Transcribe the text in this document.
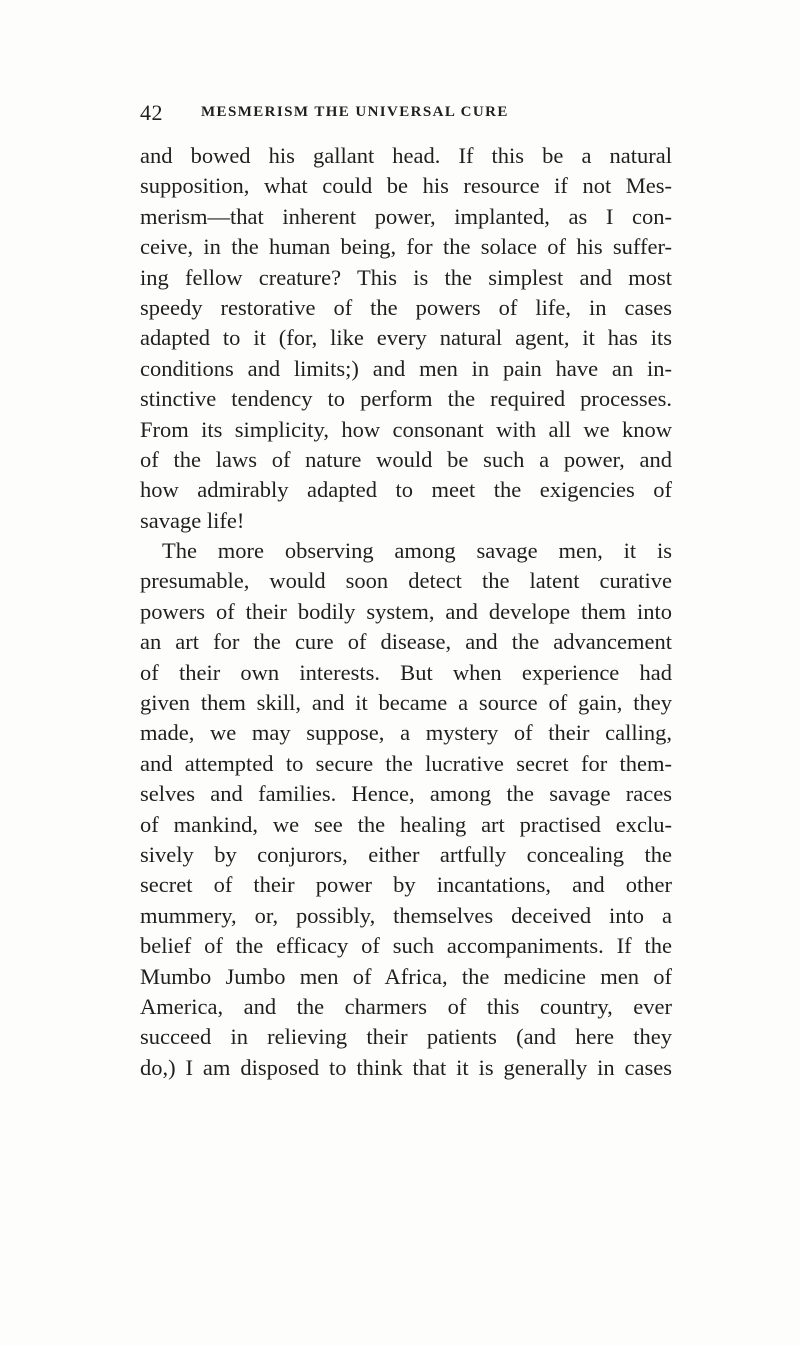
42	MESMERISM THE UNIVERSAL CURE
and bowed his gallant head. If this be a natural
supposition, what could be his resource if not Mes-
merism—that inherent power, implanted, as I con-
ceive, in the human being, for the solace of his suffer-
ing fellow creature? This is the simplest and most
speedy restorative of the powers of life, in cases
adapted to it (for, like every natural agent, it has its
conditions and limits;) and men in pain have an in-
stinctive tendency to perform the required processes.
From its simplicity, how consonant with all we know
of the laws of nature would be such a power, and
how admirably adapted to meet the exigencies of
savage life!
The more observing among savage men, it is
presumable, would soon detect the latent curative
powers of their bodily system, and develope them into
an art for the cure of disease, and the advancement
of their own interests. But when experience had
given them skill, and it became a source of gain, they
made, we may suppose, a mystery of their calling,
and attempted to secure the lucrative secret for them-
selves and families. Hence, among the savage races
of mankind, we see the healing art practised exclu-
sively by conjurors, either artfully concealing the
secret of their power by incantations, and other
mummery, or, possibly, themselves deceived into a
belief of the efficacy of such accompaniments. If the
Mumbo Jumbo men of Africa, the medicine men of
America, and the charmers of this country, ever
succeed in relieving their patients (and here they
do,) I am disposed to think that it is generally in cases
